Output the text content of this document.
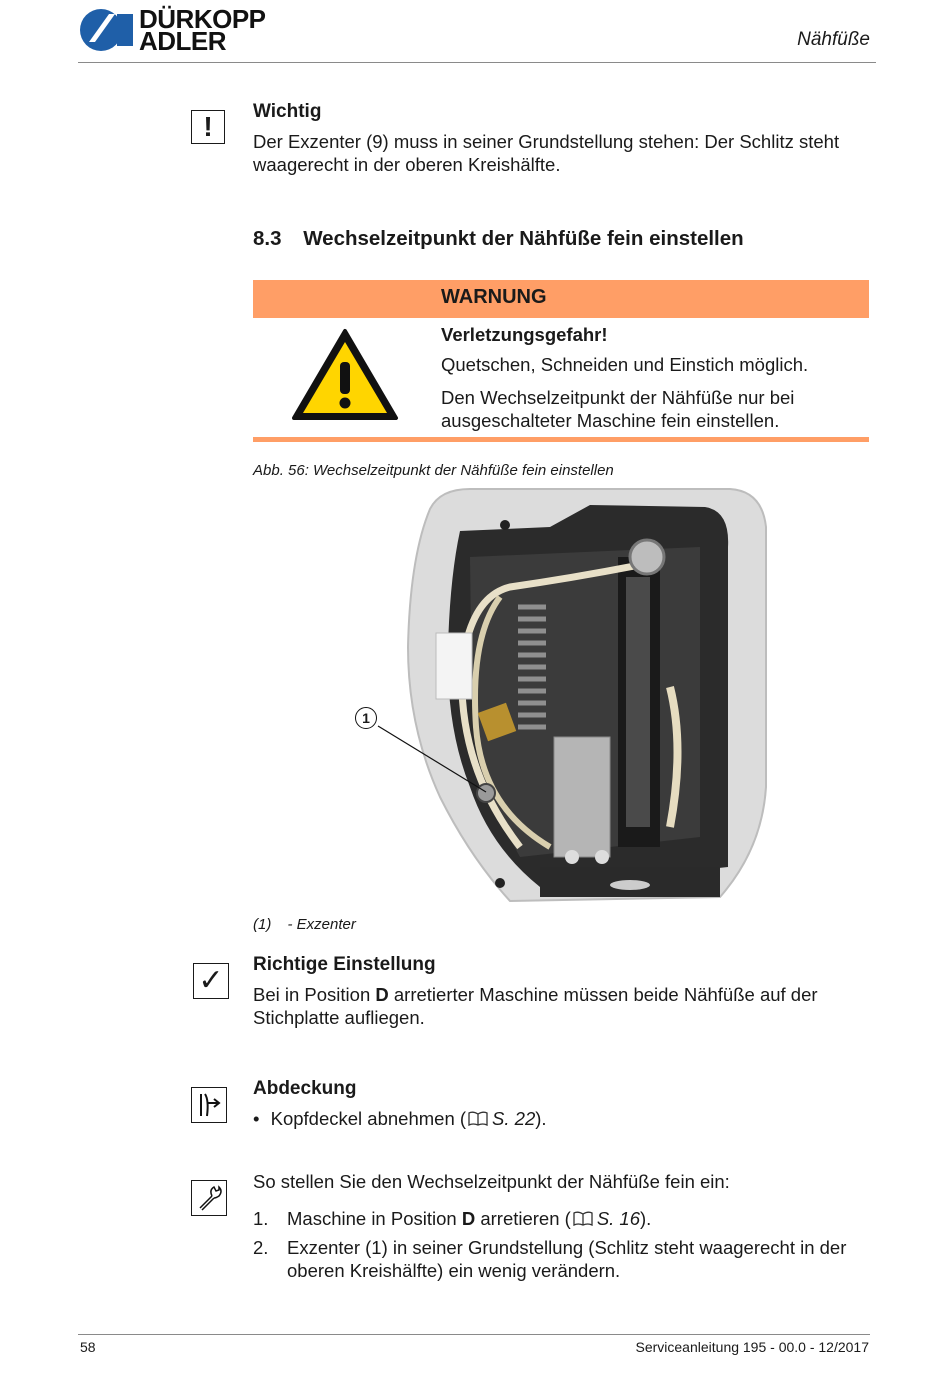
DÜRKOPP
ADLER	Nähfüße
! Wichtig
Der Exzenter (9) muss in seiner Grundstellung stehen: Der Schlitz steht waagerecht in der oberen Kreishälfte.
8.3 Wechselzeitpunkt der Nähfüße fein einstellen
WARNUNG
Verletzungsgefahr!
Quetschen, Schneiden und Einstich möglich.
Den Wechselzeitpunkt der Nähfüße nur bei ausgeschalteter Maschine fein einstellen.
Abb. 56: Wechselzeitpunkt der Nähfüße fein einstellen
1
(1) - Exzenter
✓ Richtige Einstellung
Bei in Position D arretierter Maschine müssen beide Nähfüße auf der Stichplatte aufliegen.
Abdeckung
• Kopfdeckel abnehmen ( S. 22).
So stellen Sie den Wechselzeitpunkt der Nähfüße fein ein:
1.	Maschine in Position D arretieren ( S. 16).
2.	Exzenter (1) in seiner Grundstellung (Schlitz steht waagerecht in der oberen Kreishälfte) ein wenig verändern.
58	Serviceanleitung 195 - 00.0 - 12/2017
